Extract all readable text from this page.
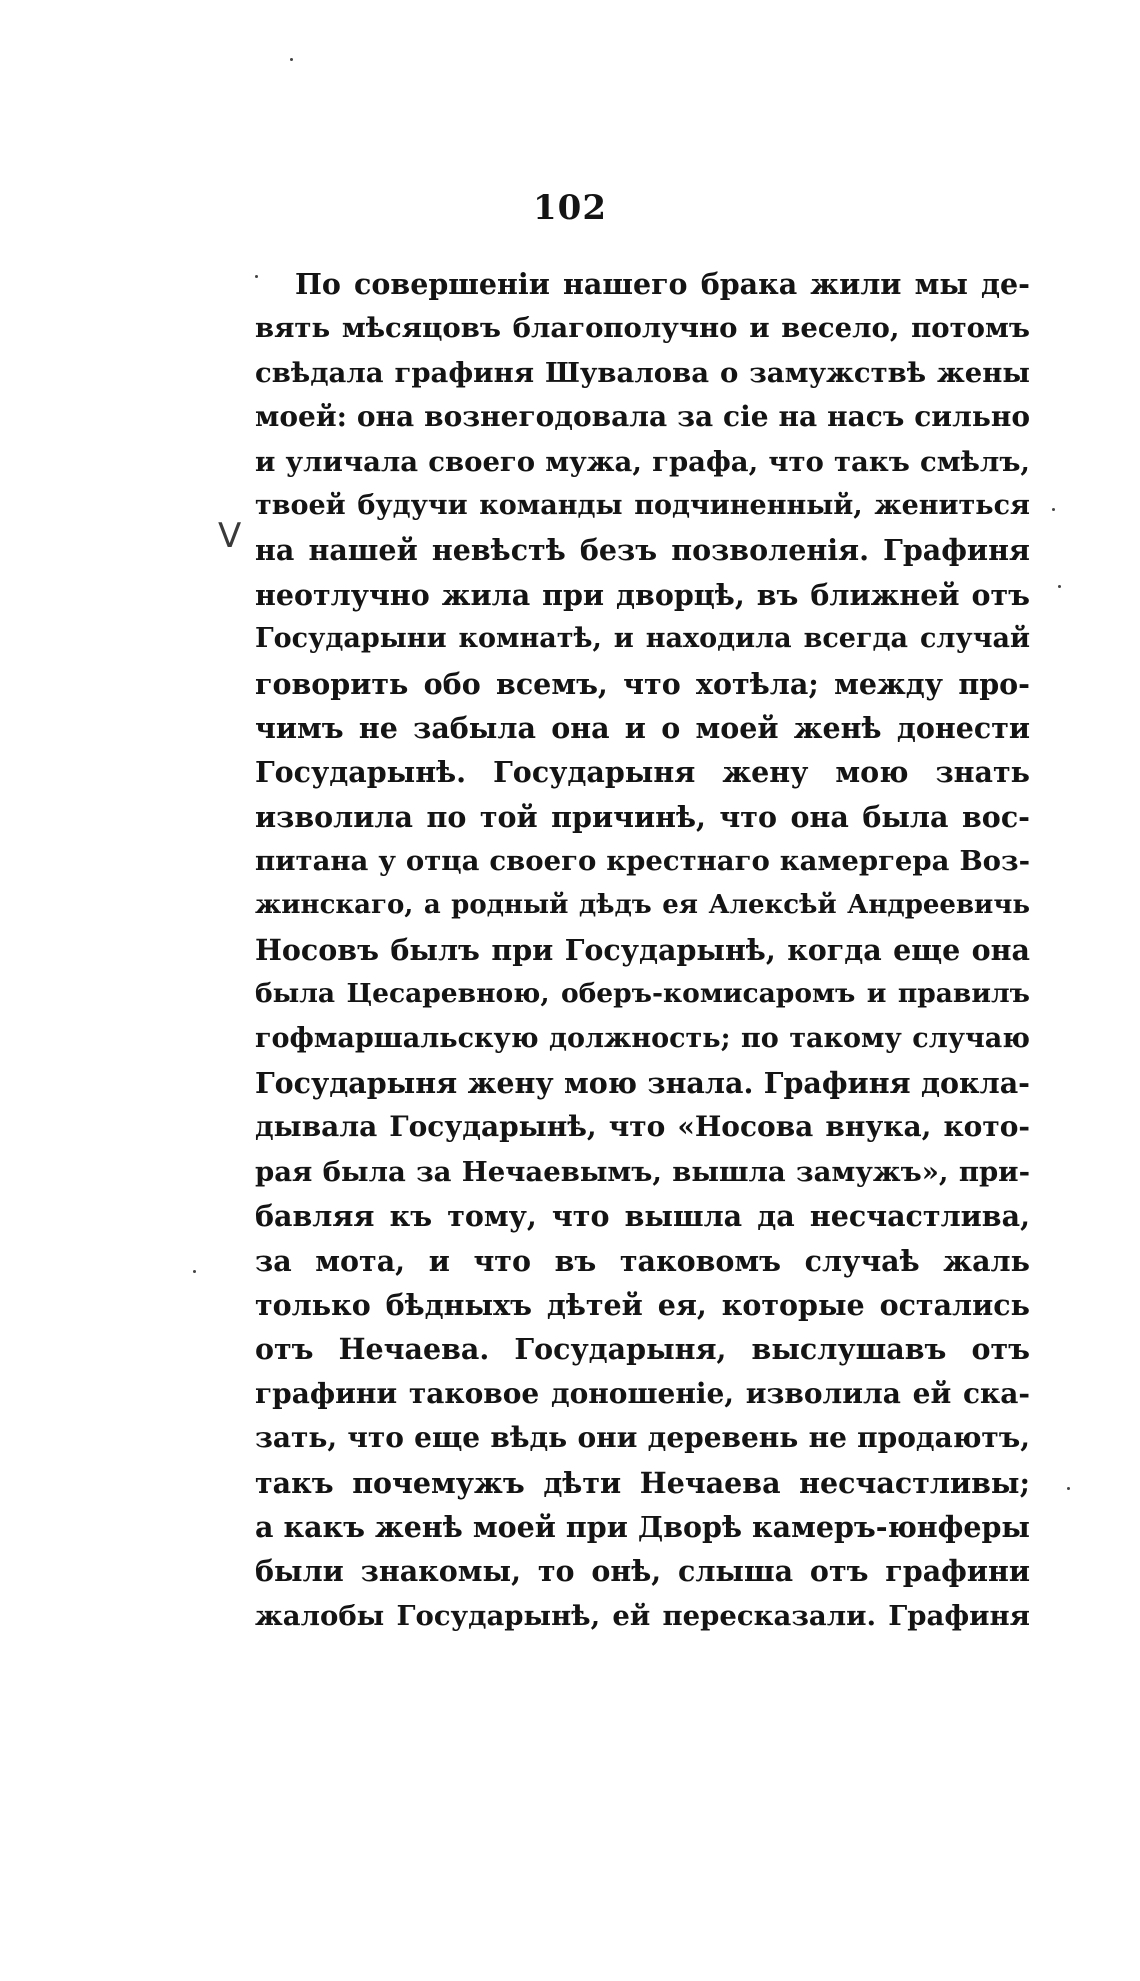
102
V
По совершеніи нашего брака жили мы де-
вять мѣсяцовъ благополучно и весело, потомъ
свѣдала графиня Шувалова о замужствѣ жены
моей: она вознегодовала за сіе на насъ сильно
и уличала своего мужа, графа, что такъ смѣлъ,
твоей будучи команды подчиненный, жениться
на нашей невѣстѣ безъ позволенія. Графиня
неотлучно жила при дворцѣ, въ ближней отъ
Государыни комнатѣ, и находила всегда случай
говорить обо всемъ, что хотѣла; между про-
чимъ не забыла она и о моей женѣ донести
Государынѣ. Государыня жену мою знать
изволила по той причинѣ, что она была вос-
питана у отца своего крестнаго камергера Воз-
жинскаго, а родный дѣдъ ея Алексѣй Андреевичь
Носовъ былъ при Государынѣ, когда еще она
была Цесаревною, оберъ-комисаромъ и правилъ
гофмаршальскую должность; по такому случаю
Государыня жену мою знала. Графиня докла-
дывала Государынѣ, что «Носова внука, кото-
рая была за Нечаевымъ, вышла замужъ», при-
бавляя къ тому, что вышла да несчастлива,
за мота, и что въ таковомъ случаѣ жаль
только бѣдныхъ дѣтей ея, которые остались
отъ Нечаева. Государыня, выслушавъ отъ
графини таковое доношеніе, изволила ей ска-
зать, что еще вѣдь они деревень не продаютъ,
такъ почемужъ дѣти Нечаева несчастливы;
а какъ женѣ моей при Дворѣ камеръ-юнферы
были знакомы, то онѣ, слыша отъ графини
жалобы Государынѣ, ей пересказали. Графиня
